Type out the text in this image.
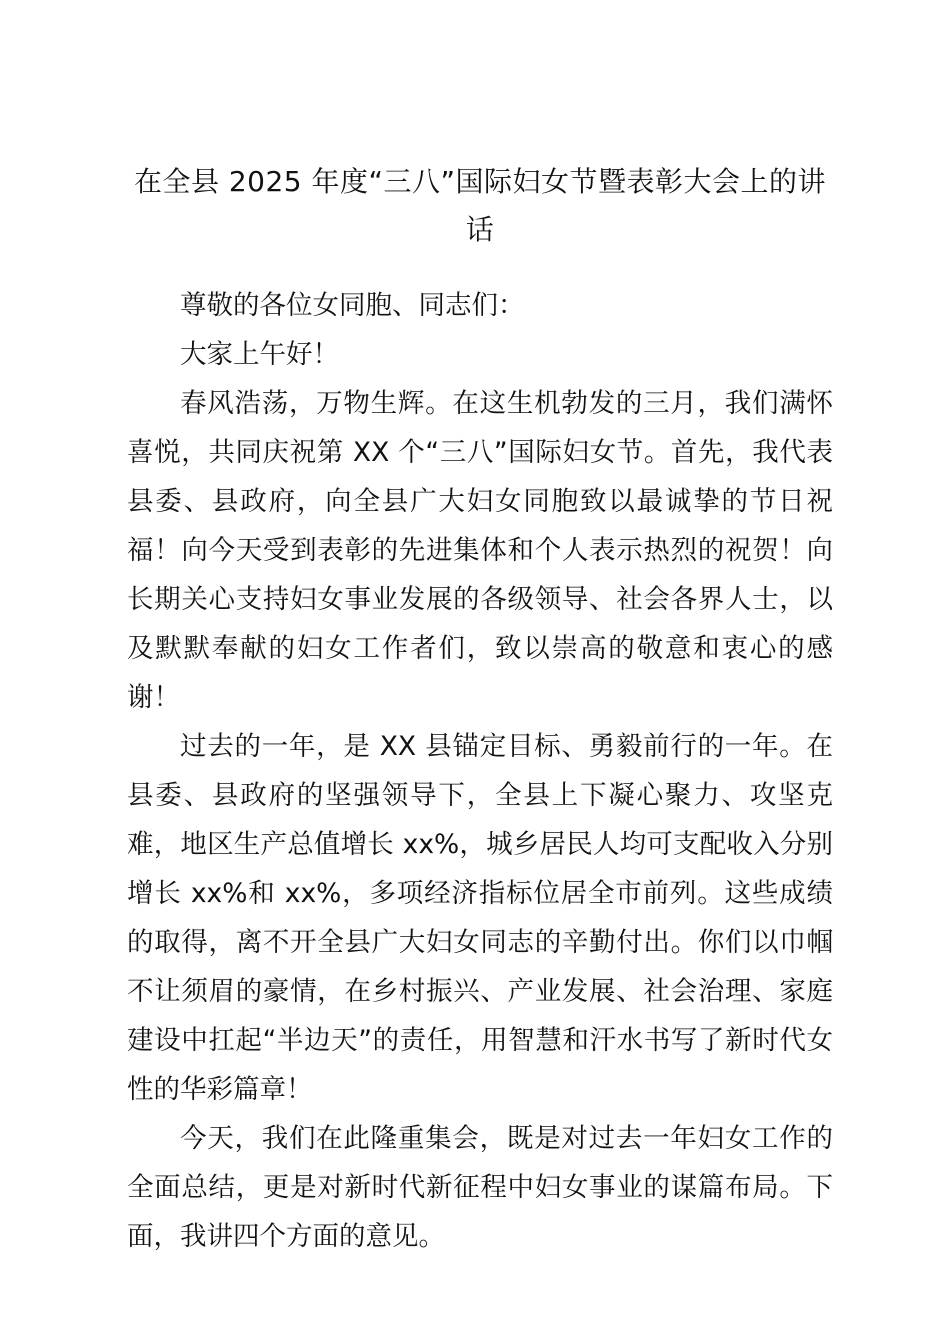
在全县 2025 年度“三八”国际妇女节暨表彰大会上的讲话

尊敬的各位女同胞、同志们：

大家上午好！

春风浩荡，万物生辉。在这生机勃发的三月，我们满怀喜悦，共同庆祝第 XX 个“三八”国际妇女节。首先，我代表县委、县政府，向全县广大妇女同胞致以最诚挚的节日祝福！向今天受到表彰的先进集体和个人表示热烈的祝贺！向长期关心支持妇女事业发展的各级领导、社会各界人士，以及默默奉献的妇女工作者们，致以崇高的敬意和衷心的感谢！

过去的一年，是 XX 县锚定目标、勇毅前行的一年。在县委、县政府的坚强领导下，全县上下凝心聚力、攻坚克难，地区生产总值增长 xx%，城乡居民人均可支配收入分别增长 xx%和 xx%，多项经济指标位居全市前列。这些成绩的取得，离不开全县广大妇女同志的辛勤付出。你们以巾帼不让须眉的豪情，在乡村振兴、产业发展、社会治理、家庭建设中扛起“半边天”的责任，用智慧和汗水书写了新时代女性的华彩篇章！

今天，我们在此隆重集会，既是对过去一年妇女工作的全面总结，更是对新时代新征程中妇女事业的谋篇布局。下面，我讲四个方面的意见。
